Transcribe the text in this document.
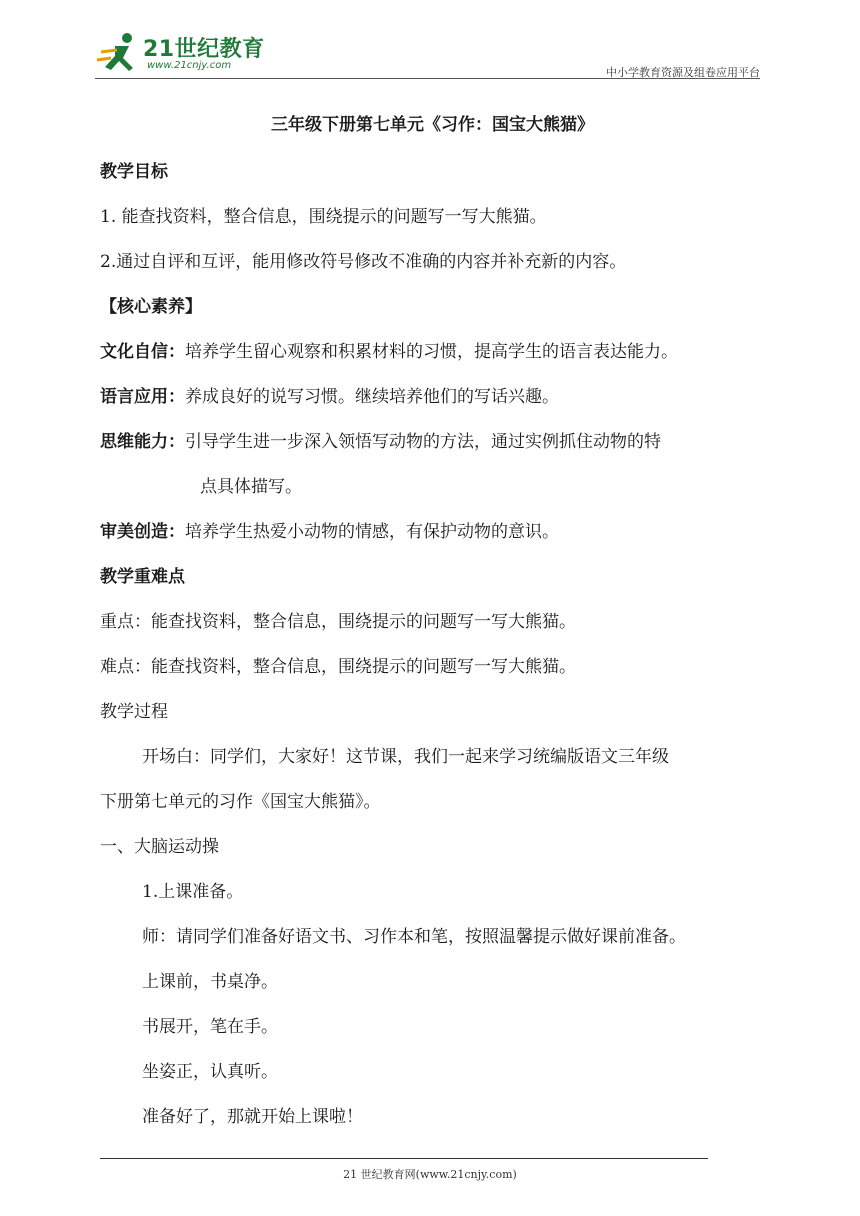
21世纪教育
www.21cnjy.com
中小学教育资源及组卷应用平台
三年级下册第七单元《习作：国宝大熊猫》
教学目标
1. 能查找资料，整合信息，围绕提示的问题写一写大熊猫。
2.通过自评和互评，能用修改符号修改不准确的内容并补充新的内容。
【核心素养】
文化自信：培养学生留心观察和积累材料的习惯，提高学生的语言表达能力。
语言应用：养成良好的说写习惯。继续培养他们的写话兴趣。
思维能力：引导学生进一步深入领悟写动物的方法，通过实例抓住动物的特
点具体描写。
审美创造：培养学生热爱小动物的情感，有保护动物的意识。
教学重难点
重点：能查找资料，整合信息，围绕提示的问题写一写大熊猫。
难点：能查找资料，整合信息，围绕提示的问题写一写大熊猫。
教学过程
开场白：同学们，大家好！这节课，我们一起来学习统编版语文三年级
下册第七单元的习作《国宝大熊猫》。
一、大脑运动操
1.上课准备。
师：请同学们准备好语文书、习作本和笔，按照温馨提示做好课前准备。
上课前，书桌净。
书展开，笔在手。
坐姿正，认真听。
准备好了，那就开始上课啦！
21 世纪教育网(www.21cnjy.com)
